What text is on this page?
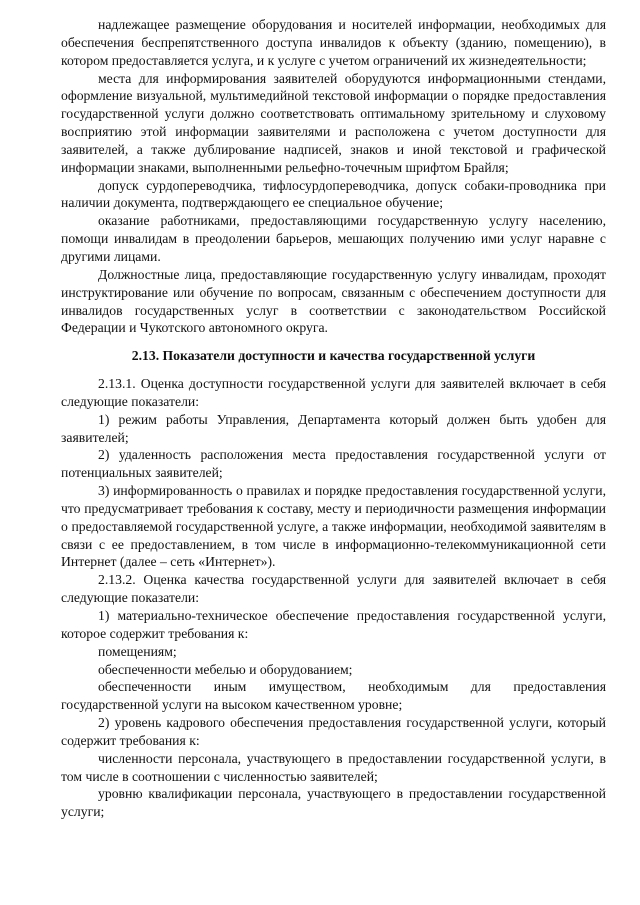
надлежащее размещение оборудования и носителей информации, необходимых для обеспечения беспрепятственного доступа инвалидов к объекту (зданию, помещению), в котором предоставляется услуга, и к услуге с учетом ограничений их жизнедеятельности;

места для информирования заявителей оборудуются информационными стендами, оформление визуальной, мультимедийной текстовой информации о порядке предоставления государственной услуги должно соответствовать оптимальному зрительному и слуховому восприятию этой информации заявителями и расположена с учетом доступности для заявителей, а также дублирование надписей, знаков и иной текстовой и графической информации знаками, выполненными рельефно-точечным шрифтом Брайля;

допуск сурдопереводчика, тифлосурдопереводчика, допуск собаки-проводника при наличии документа, подтверждающего ее специальное обучение;

оказание работниками, предоставляющими государственную услугу населению, помощи инвалидам в преодолении барьеров, мешающих получению ими услуг наравне с другими лицами.

Должностные лица, предоставляющие государственную услугу инвалидам, проходят инструктирование или обучение по вопросам, связанным с обеспечением доступности для инвалидов государственных услуг в соответствии с законодательством Российской Федерации и Чукотского автономного округа.

2.13. Показатели доступности и качества государственной услуги

2.13.1. Оценка доступности государственной услуги для заявителей включает в себя следующие показатели:

1) режим работы Управления, Департамента который должен быть удобен для заявителей;

2) удаленность расположения места предоставления государственной услуги от потенциальных заявителей;

3) информированность о правилах и порядке предоставления государственной услуги, что предусматривает требования к составу, месту и периодичности размещения информации о предоставляемой государственной услуге, а также информации, необходимой заявителям в связи с ее предоставлением, в том числе в информационно-телекоммуникационной сети Интернет (далее – сеть «Интернет»).

2.13.2. Оценка качества государственной услуги для заявителей включает в себя следующие показатели:

1) материально-техническое обеспечение предоставления государственной услуги, которое содержит требования к:

помещениям;

обеспеченности мебелью и оборудованием;

обеспеченности иным имуществом, необходимым для предоставления государственной услуги на высоком качественном уровне;

2) уровень кадрового обеспечения предоставления государственной услуги, который содержит требования к:

численности персонала, участвующего в предоставлении государственной услуги, в том числе в соотношении с численностью заявителей;

уровню квалификации персонала, участвующего в предоставлении государственной услуги;
